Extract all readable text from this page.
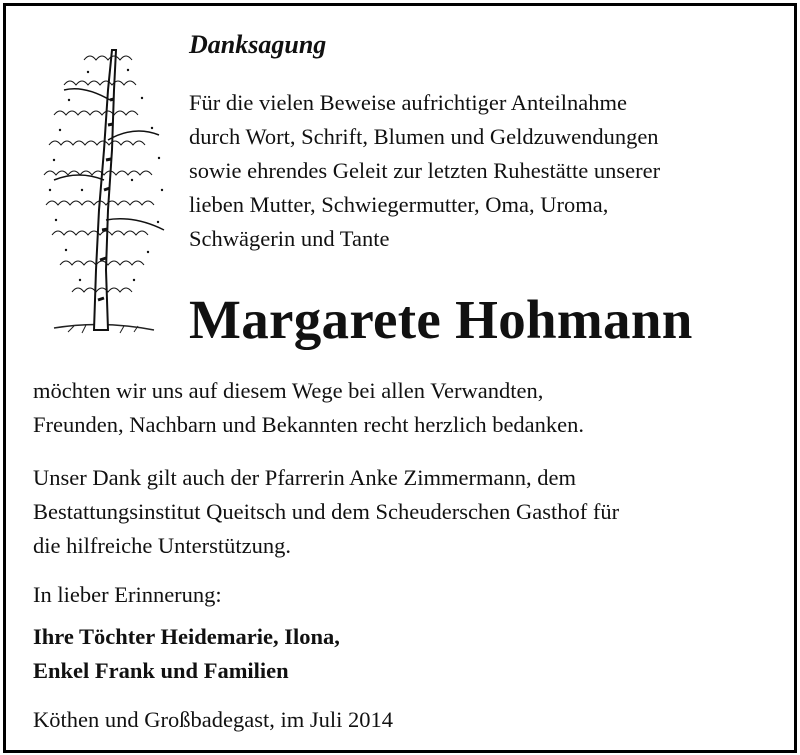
Danksagung

Für die vielen Beweise aufrichtiger Anteilnahme
durch Wort, Schrift, Blumen und Geldzuwendungen
sowie ehrendes Geleit zur letzten Ruhestätte unserer
lieben Mutter, Schwiegermutter, Oma, Uroma,
Schwägerin und Tante

Margarete Hohmann

möchten wir uns auf diesem Wege bei allen Verwandten,
Freunden, Nachbarn und Bekannten recht herzlich bedanken.

Unser Dank gilt auch der Pfarrerin Anke Zimmermann, dem
Bestattungsinstitut Queitsch und dem Scheuderschen Gasthof für
die hilfreiche Unterstützung.

In lieber Erinnerung:

Ihre Töchter Heidemarie, Ilona,
Enkel Frank und Familien

Köthen und Großbadegast, im Juli 2014
